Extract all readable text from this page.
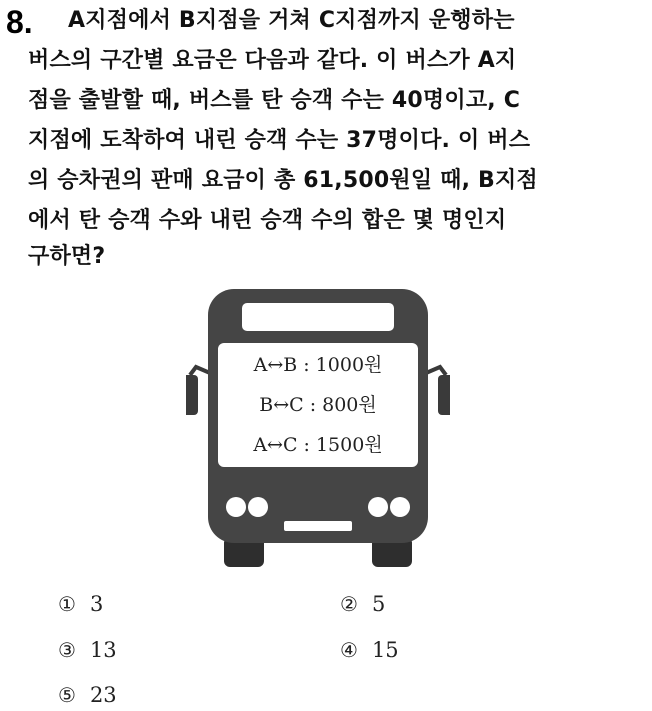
8. A지점에서 B지점을 거쳐 C지점까지 운행하는
버스의 구간별 요금은 다음과 같다. 이 버스가 A지
점을 출발할 때, 버스를 탄 승객 수는 40명이고, C
지점에 도착하여 내린 승객 수는 37명이다. 이 버스
의 승차권의 판매 요금이 총 61,500원일 때, B지점
에서 탄 승객 수와 내린 승객 수의 합은 몇 명인지
구하면?
A↔B : 1000원
B↔C : 800원
A↔C : 1500원
① 3	② 5
③ 13	④ 15
⑤ 23
